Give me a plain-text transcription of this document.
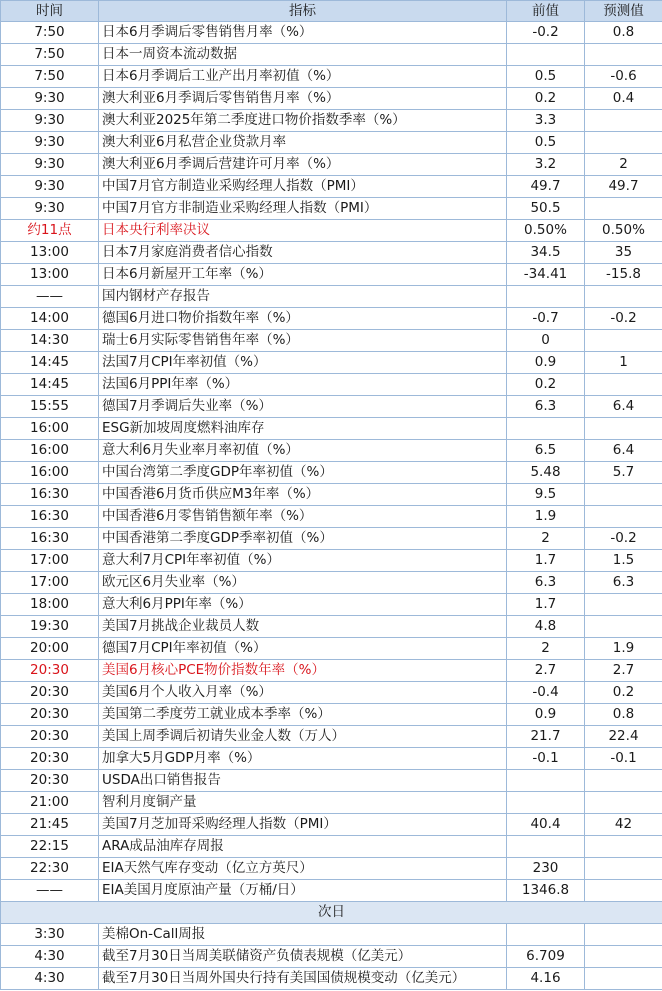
时间	指标	前值	预测值
7:50	日本6月季调后零售销售月率（%）	-0.2	0.8
7:50	日本一周资本流动数据		
7:50	日本6月季调后工业产出月率初值（%）	0.5	-0.6
9:30	澳大利亚6月季调后零售销售月率（%）	0.2	0.4
9:30	澳大利亚2025年第二季度进口物价指数季率（%）	3.3	
9:30	澳大利亚6月私营企业贷款月率	0.5	
9:30	澳大利亚6月季调后营建许可月率（%）	3.2	2
9:30	中国7月官方制造业采购经理人指数（PMI）	49.7	49.7
9:30	中国7月官方非制造业采购经理人指数（PMI）	50.5	
约11点	日本央行利率决议	0.50%	0.50%
13:00	日本7月家庭消费者信心指数	34.5	35
13:00	日本6月新屋开工年率（%）	-34.41	-15.8
——	国内钢材产存报告		
14:00	德国6月进口物价指数年率（%）	-0.7	-0.2
14:30	瑞士6月实际零售销售年率（%）	0	
14:45	法国7月CPI年率初值（%）	0.9	1
14:45	法国6月PPI年率（%）	0.2	
15:55	德国7月季调后失业率（%）	6.3	6.4
16:00	ESG新加坡周度燃料油库存		
16:00	意大利6月失业率月率初值（%）	6.5	6.4
16:00	中国台湾第二季度GDP年率初值（%）	5.48	5.7
16:30	中国香港6月货币供应M3年率（%）	9.5	
16:30	中国香港6月零售销售额年率（%）	1.9	
16:30	中国香港第二季度GDP季率初值（%）	2	-0.2
17:00	意大利7月CPI年率初值（%）	1.7	1.5
17:00	欧元区6月失业率（%）	6.3	6.3
18:00	意大利6月PPI年率（%）	1.7	
19:30	美国7月挑战企业裁员人数	4.8	
20:00	德国7月CPI年率初值（%）	2	1.9
20:30	美国6月核心PCE物价指数年率（%）	2.7	2.7
20:30	美国6月个人收入月率（%）	-0.4	0.2
20:30	美国第二季度劳工就业成本季率（%）	0.9	0.8
20:30	美国上周季调后初请失业金人数（万人）	21.7	22.4
20:30	加拿大5月GDP月率（%）	-0.1	-0.1
20:30	USDA出口销售报告		
21:00	智利月度铜产量		
21:45	美国7月芝加哥采购经理人指数（PMI）	40.4	42
22:15	ARA成品油库存周报		
22:30	EIA天然气库存变动（亿立方英尺）	230	
——	EIA美国月度原油产量（万桶/日）	1346.8	
次日			
3:30	美棉On-Call周报		
4:30	截至7月30日当周美联储资产负债表规模（亿美元）	6.709	
4:30	截至7月30日当周外国央行持有美国国债规模变动（亿美元）	4.16	
